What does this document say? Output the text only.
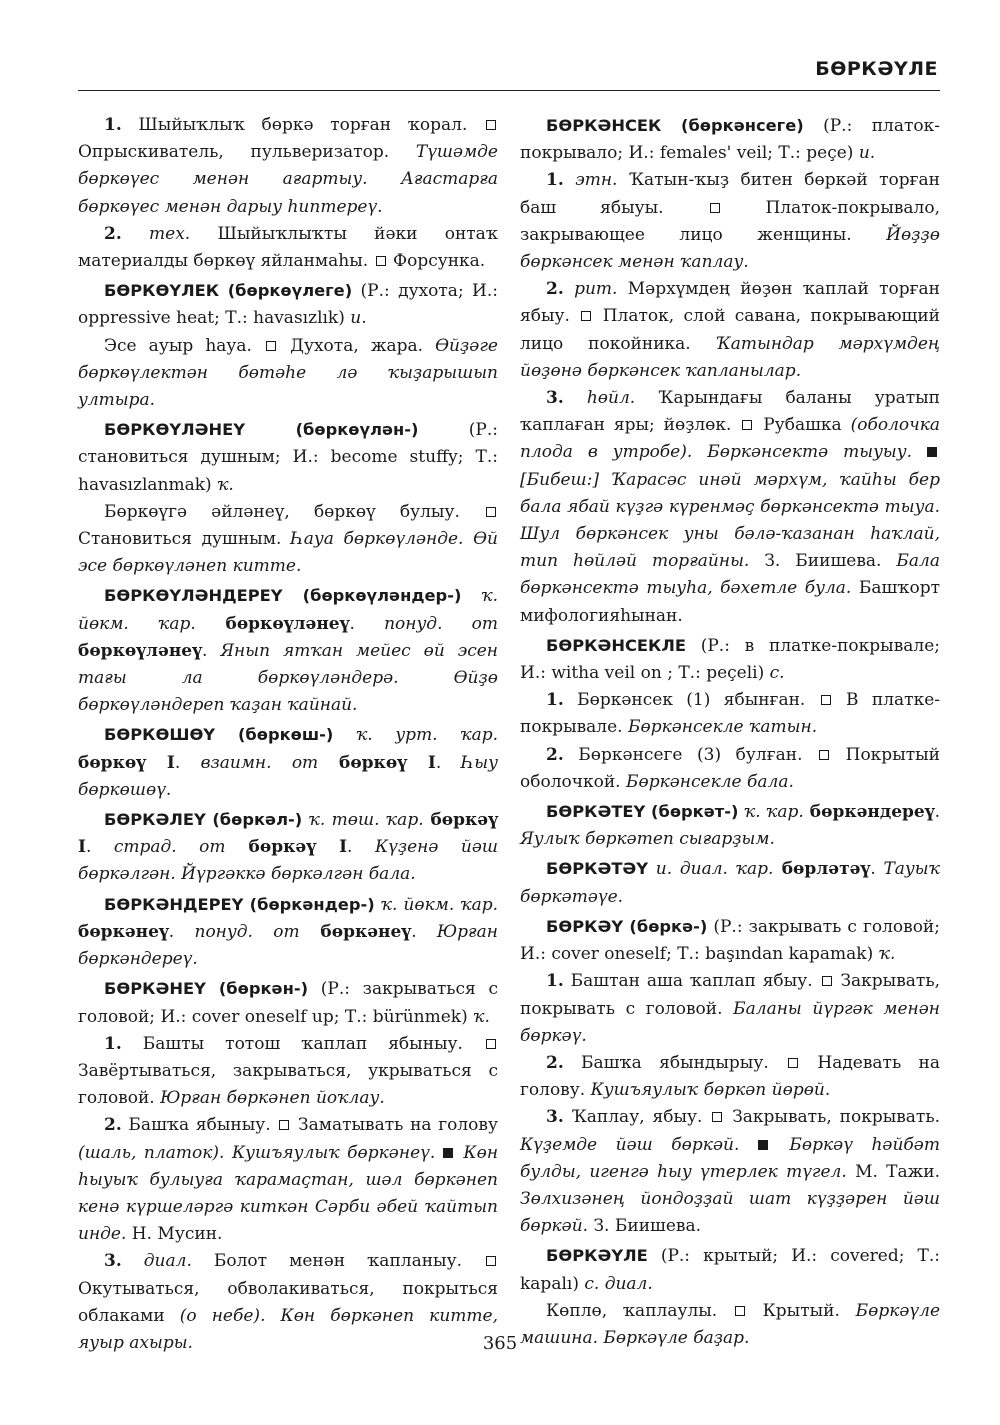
БӨРКӘҮЛЕ

1. Шыйыҡлыҡ бөркә торған ҡорал.  Опрыскиватель, пульверизатор. Түшәмде бөркөүес менән ағартыу. Ағастарға бөркөүес менән дарыу һиптереү.

2. тех. Шыйыҡлыҡты йәки онтаҡ материалды бөркөү яйланмаһы.  Форсунка.

БӨРКӨҮЛЕК (бөркөүлеге) (Р.: духота; И.: oppressive heat; Т.: havasızlık) и.

Эсе ауыр һауа.  Духота, жара. Өйҙәге бөркөүлектән бөтәһе лә ҡыҙарышып ултыра.

БӨРКӨҮЛӘНЕҮ (бөркөүлән-) (Р.: становиться душным; И.: become stuffy; Т.: havasızlanmak) ҡ.

Бөркөүгә әйләнеү, бөркөү булыу.  Становиться душным. Һауа бөркөүләнде. Өй эсе бөркөүләнеп китте.

БӨРКӨҮЛӘНДЕРЕҮ (бөркөүләндер-) ҡ. йөкм. ҡар. бөркөүләнеү. понуд. от бөркөүләнеү. Янып ятҡан мейес өй эсен тағы ла бөркөүләндерә. Өйҙө бөркөүләндереп ҡаҙан ҡайнай.

БӨРКӨШӨҮ (бөркөш-) ҡ. урт. ҡар. бөркөү I. взаимн. от бөркөү I. Һыу бөркөшөү.

БӨРКӘЛЕҮ (бөркәл-) ҡ. төш. ҡар. бөркәү I. страд. от бөркәү I. Күҙенә йәш бөркәлгән. Йүргәккә бөркәлгән бала.

БӨРКӘНДЕРЕҮ (бөркәндер-) ҡ. йөкм. ҡар. бөркәнеү. понуд. от бөркәнеү. Юрған бөркәндереү.

БӨРКӘНЕҮ (бөркән-) (Р.: закрываться с головой; И.: cover oneself up; Т.: bürünmek) ҡ.

1. Башты тотош ҡаплап ябыныу.  Завёртываться, закрываться, укрываться с головой. Юрған бөркәнеп йоҡлау.

2. Башҡа ябыныу.  Заматывать на голову (шаль, платок). Кушъяулыҡ бөркәнеү. Көн һыуыҡ булыуға ҡарамаҫтан, шәл бөркәнеп кенә күршеләргә киткән Сәрби әбей ҡайтып инде. Н. Мусин.

3. диал. Болот менән ҡапланыу.  Окутываться, обволакиваться, покрыться облаками (о небе). Көн бөркәнеп китте, яуыр ахыры.

БӨРКӘНСЕК (бөркәнсеге) (Р.: платок-покрывало; И.: females' veil; Т.: peçe) и.

1. этн. Ҡатын-ҡыҙ битен бөркәй торған баш ябыуы.  Платок-покрывало, закрывающее лицо женщины. Йөҙҙө бөркәнсек менән ҡаплау.

2. рит. Мәрхүмдең йөҙөн ҡаплай торған ябыу.  Платок, слой савана, покрывающий лицо покойника. Ҡатындар мәрхүмдең йөҙөнә бөркәнсек ҡапланылар.

3. һөйл. Ҡарындағы баланы уратып ҡаплаған яры; йөҙлөк.  Рубашка (оболочка плода в утробе). Бөркәнсектә тыуыу.  [Бибеш:] Ҡарасәс инәй мәрхүм, ҡайһы бер бала ябай күҙгә күренмәҫ бөркәнсектә тыуа. Шул бөркәнсек уны бәлә-ҡазанан һаҡлай, тип һөйләй торғайны. З. Биишева. Бала бөркәнсектә тыуһа, бәхетле була. Башҡорт мифологияһынан.

БӨРКӘНСЕКЛЕ (Р.: в платке-покрывале; И.: witha veil on ; Т.: peçeli) с.

1. Бөркәнсек (1) ябынған.  В платке-покрывале. Бөркәнсекле ҡатын.

2. Бөркәнсеге (3) булған.  Покрытый оболочкой. Бөркәнсекле бала.

БӨРКӘТЕҮ (бөркәт-) ҡ. ҡар. бөркәндереү. Яулыҡ бөркәтеп сығарҙым.

БӨРКӘТӘҮ и. диал. ҡар. бөрләтәү. Тауыҡ бөркәтәүе.

БӨРКӘҮ (бөркә-) (Р.: закрывать с головой; И.: cover oneself; Т.: başından kapamak) ҡ.

1. Баштан аша ҡаплап ябыу.  Закрывать, покрывать с головой. Баланы йүргәк менән бөркәү.

2. Башҡа ябындырыу.  Надевать на голову. Кушъяулыҡ бөркәп йөрөй.

3. Ҡаплау, ябыу.  Закрывать, покрывать. Күҙемде йәш бөркәй.	Бөркәү һәйбәт булды, игенгә һыу үтерлек түгел. М. Тажи. Зөлхизәнең йондоҙҙай шат күҙҙәрен йәш бөркәй. З. Биишева.

БӨРКӘҮЛЕ (Р.: крытый; И.: covered; Т.: kapalı) с. диал.

Көплө, ҡаплаулы.  Крытый. Бөркәүле машина. Бөркәүле баҙар.

365
